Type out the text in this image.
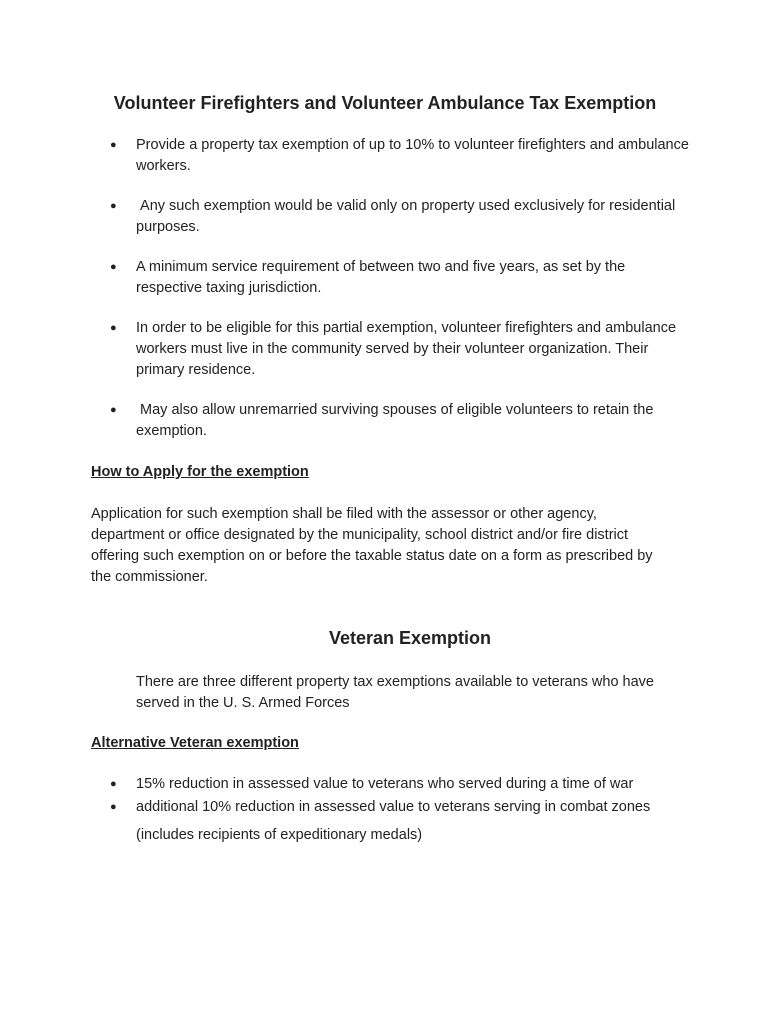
Volunteer Firefighters and Volunteer Ambulance Tax Exemption
●	Provide a property tax exemption of up to 10% to volunteer firefighters and ambulance workers.
●	Any such exemption would be valid only on property used exclusively for residential purposes.
●	A minimum service requirement of between two and five years, as set by the respective taxing jurisdiction.
●	In order to be eligible for this partial exemption, volunteer firefighters and ambulance workers must live in the community served by their volunteer organization. Their primary residence.
●	May also allow unremarried surviving spouses of eligible volunteers to retain the exemption.

How to Apply for the exemption

Application for such exemption shall be filed with the assessor or other agency, department or office designated by the municipality, school district and/or fire district offering such exemption on or before the taxable status date on a form as prescribed by the commissioner.

Veteran Exemption

There are three different property tax exemptions available to veterans who have served in the U. S. Armed Forces

Alternative Veteran exemption

●	15% reduction in assessed value to veterans who served during a time of war
●	additional 10% reduction in assessed value to veterans serving in combat zones

(includes recipients of expeditionary medals)
